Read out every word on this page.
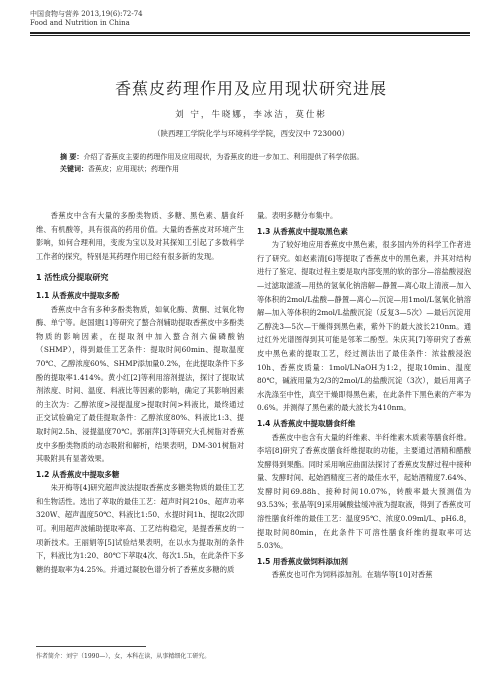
中国食物与营养 2013,19(6):72-74
Food and Nutrition in China
香蕉皮药理作用及应用现状研究进展
刘 宁，牛晓娜，李冰洁，莫仕彬
（陕西理工学院化学与环境科学学院，西安汉中 723000）
摘 要：介绍了香蕉皮主要的药理作用及应用现状，为香蕉皮的进一步加工、利用提供了科学依据。
关键词：香蕉皮；应用现状；药理作用

香蕉皮中含有大量的多酚类物质、多糖、黑色素、膳食纤维、有机酸等，具有很高的药用价值。大量的香蕉皮对环境产生影响，如何合理利用，变废为宝以及对其探知工引起了多数科学工作者的探究，特别是其药理作用已经有很多新的发现。

1 活性成分提取研究
1.1 从香蕉皮中提取多酚

香蕉皮中含有多种多酚类物质，如氧化酶、黄酮、过氧化物酶、单宁等。赵国建[1]等研究了螯合剂辅助提取香蕉皮中多酚类物质的影响因素，在提取剂中加入螯合剂六偏磷酸钠（SHMP），得到最佳工艺条件：提取时间60min、提取温度70℃、乙醇浓度60%、SHMP添加量0.2%，在此提取条件下多酚的提取率1.414%。黄小红[2]等利用溶剂提法，探讨了提取试剂浓度、时间、温度、料液比等因素的影响，确定了其影响因素的主次为：乙醇浓度>浸提温度>提取时间>料液比，最终通过正交试验确定了最佳提取条件：乙醇浓度80%、料液比1:3、提取时间2.5h、浸提温度70℃。郭丽萍[3]等研究大孔树脂对香蕉皮中多酚类物质的动态吸附和解析，结果表明，DM-301树脂对其吸附具有显著效果。

1.2 从香蕉皮中提取多糖

朱开梅等[4]研究超声波法提取香蕉皮多糖类物质的最佳工艺和生物活性。选出了萃取的最佳工艺：超声时间210s、超声功率320W、超声温度50℃、料液比1:50、水提时间1h、提取2次即可。利用超声波辅助提取率高、工艺结构稳定，是提香蕉皮的一项新技术。王丽娟等[5]试验结果表明，在以水为提取剂的条件下，料液比为1:20、80℃下萃取4次、每次1.5h，在此条件下多糖的提取率为4.25%。并通过凝胶色谱分析了香蕉皮多糖的质

量。表明多糖分布集中。

1.3 从香蕉皮中提取黑色素

为了较好地应用香蕉皮中黑色素，很多国内外的科学工作者进行了研究。如赵素清[6]等提取了香蕉皮中的黑色素，并其对结构进行了鉴定、提取过程主要是取内部变黑的软的部分—溶盐酸浸泡—过滤取滤渣—用热的氢氧化钠溶解—静置—离心取上清液—加入等体积的2mol/L盐酸—静置—离心—沉淀—用1mol/L氢氧化钠溶解—加入等体积的2mol/L盐酸沉淀（反复3—5次）—最后沉淀用乙醇洗3—5次—干燥得到黑色素，紫外下的最大波长210nm。通过红外光谱图得到其可能是邻苯二酚型。朱庆其[7]等研究了香蕉皮中黑色素的提取工艺，经过测法出了最佳条件：浓盐酸浸泡10h、香蕉皮质量：1mol/LNaOH为1:2，提取10min、温度80℃，碱液用量为2/3的2mol/L的盐酸沉淀（3次），最后用离子水洗涤至中性，真空干燥即得黑色素，在此条件下黑色素的产率为0.6%。并测得了黑色素的最大波长为410nm。

1.4 从香蕉皮中提取膳食纤维

香蕉皮中也含有大量的纤维素、半纤维素木质素等膳食纤维。李培[8]研究了香蕉皮膳食纤维提取的功能，主要通过酒精和醋酸发酵得到果酯。同时采用响应曲面法探讨了香蕉皮发酵过程中接种量、发酵时间、起始酒精度三者的最佳水平，起始酒精度7.64%、发酵时间69.88h、接种时间10.07%，转酸率最大预测值为93.53%；张晶等[9]采用碱酸盐缓冲液为提取液，得到了香蕉皮可溶性膳食纤维的最佳工艺：温度95℃、浓度0.09ml/L、pH6.8，提取时间80min，在此条件下可溶性膳食纤维的提取率可达5.03%。

1.5 用香蕉皮做饲料添加剂

香蕉皮也可作为饲料添加剂。在瑞华等[10]对香蕉

作者简介：刘宁（1990—），女，本科在读，从事精细化工研究。
